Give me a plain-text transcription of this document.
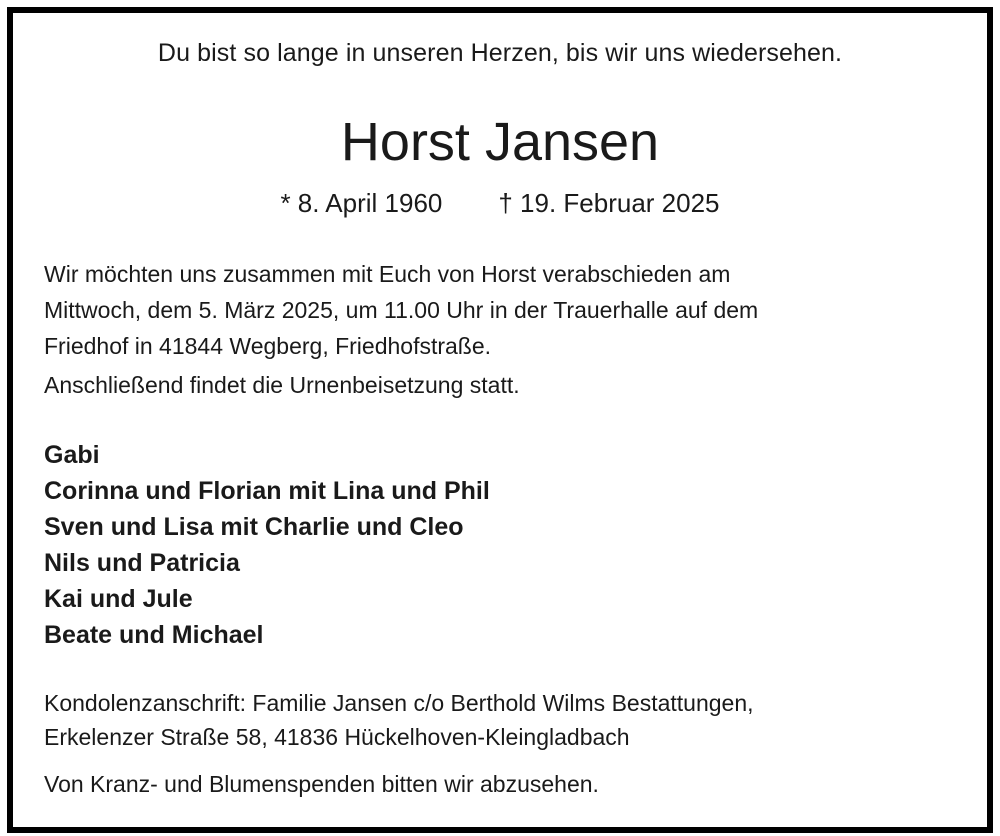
Du bist so lange in unseren Herzen, bis wir uns wiedersehen.
Horst Jansen
* 8. April 1960 † 19. Februar 2025
Wir möchten uns zusammen mit Euch von Horst verabschieden am
Mittwoch, dem 5. März 2025, um 11.00 Uhr in der Trauerhalle auf dem
Friedhof in 41844 Wegberg, Friedhofstraße.
Anschließend findet die Urnenbeisetzung statt.
Gabi
Corinna und Florian mit Lina und Phil
Sven und Lisa mit Charlie und Cleo
Nils und Patricia
Kai und Jule
Beate und Michael
Kondolenzanschrift: Familie Jansen c/o Berthold Wilms Bestattungen,
Erkelenzer Straße 58, 41836 Hückelhoven-Kleingladbach
Von Kranz- und Blumenspenden bitten wir abzusehen.
